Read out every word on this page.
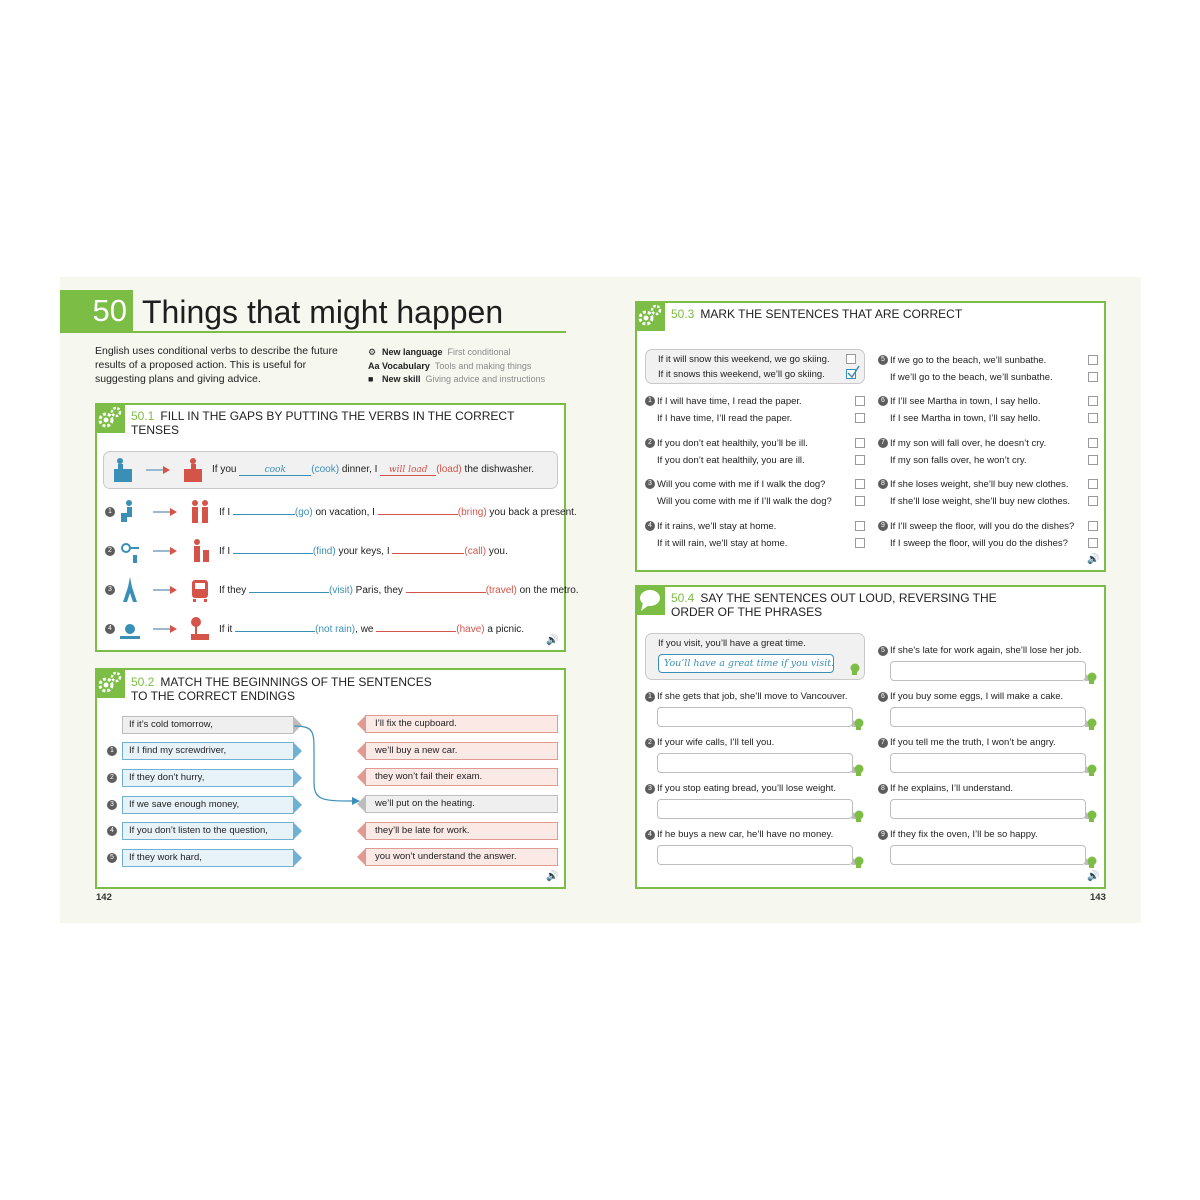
50 Things that might happen
English uses conditional verbs to describe the future results of a proposed action. This is useful for suggesting plans and giving advice.
⚙ New language First conditional
Aa Vocabulary Tools and making things
■ New skill Giving advice and instructions
50.1 FILL IN THE GAPS BY PUTTING THE VERBS IN THE CORRECT TENSES
If you	cook	(cook) dinner, I will load (load) the dishwasher.
1	If I	(go) on vacation, I	(bring) you back a present.
2	If I	(find) your keys, I	(call) you.
3	If they	(visit) Paris, they	(travel) on the metro.
4	If it	(not rain), we	(have) a picnic.
🔊
50.2 MATCH THE BEGINNINGS OF THE SENTENCES TO THE CORRECT ENDINGS
If it’s cold tomorrow,
1	If I find my screwdriver,
2	If they don’t hurry,
3	If we save enough money,
4	If you don’t listen to the question,
5	If they work hard,
I’ll fix the cupboard.
we’ll buy a new car.
they won’t fail their exam.
we’ll put on the heating.
they’ll be late for work.
you won’t understand the answer.
🔊
50.3 MARK THE SENTENCES THAT ARE CORRECT
If it will snow this weekend, we go skiing.
If it snows this weekend, we’ll go skiing.
1 If I will have time, I read the paper.
If I have time, I’ll read the paper.
2 If you don’t eat healthily, you’ll be ill.
If you don’t eat healthily, you are ill.
3 Will you come with me if I walk the dog?
Will you come with me if I’ll walk the dog?
4 If it rains, we’ll stay at home.
If it will rain, we’ll stay at home.
5 If we go to the beach, we’ll sunbathe.
If we’ll go to the beach, we’ll sunbathe.
6 If I’ll see Martha in town, I say hello.
If I see Martha in town, I’ll say hello.
7 If my son will fall over, he doesn’t cry.
If my son falls over, he won’t cry.
8 If she loses weight, she’ll buy new clothes.
If she’ll lose weight, she’ll buy new clothes.
9 If I’ll sweep the floor, will you do the dishes?
If I sweep the floor, will you do the dishes?
🔊
50.4 SAY THE SENTENCES OUT LOUD, REVERSING THE ORDER OF THE PHRASES
If you visit, you’ll have a great time.
You’ll have a great time if you visit.
1 If she gets that job, she’ll move to Vancouver.
2 If your wife calls, I’ll tell you.
3 If you stop eating bread, you’ll lose weight.
4 If he buys a new car, he’ll have no money.
5 If she’s late for work again, she’ll lose her job.
6 If you buy some eggs, I will make a cake.
7 If you tell me the truth, I won’t be angry.
8 If he explains, I’ll understand.
9 If they fix the oven, I’ll be so happy.
🔊
142	143
